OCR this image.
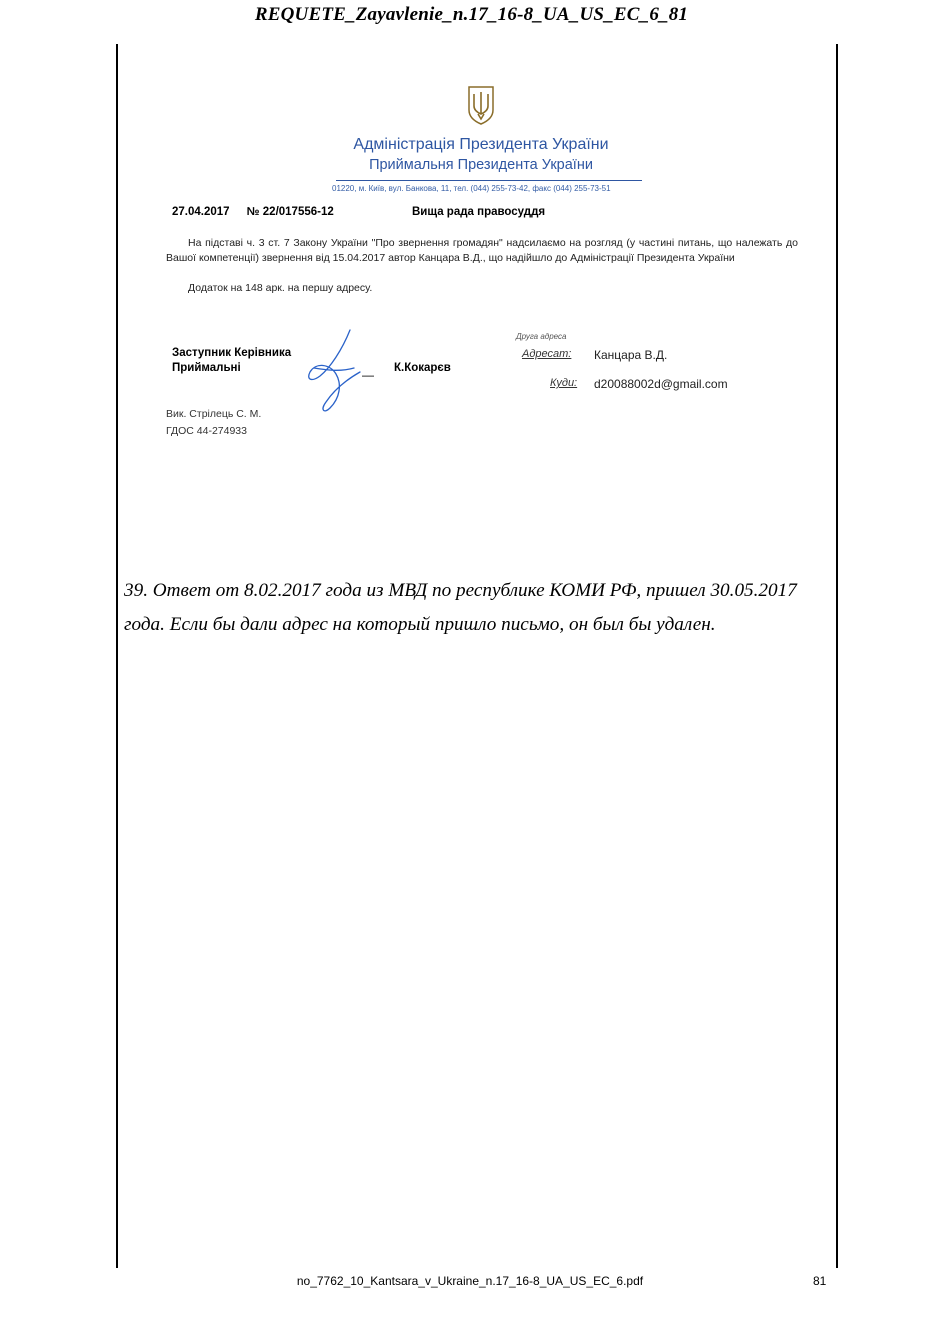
REQUETE_Zayavlenie_n.17_16-8_UA_US_EC_6_81
Адміністрація Президента України
Приймальня Президента України
01220, м. Київ, вул. Банкова, 11, тел. (044) 255-73-42, факс (044) 255-73-51
27.04.2017 № 22/017556-12	Вища рада правосуддя
На підставі ч. 3 ст. 7 Закону України "Про звернення громадян" надсилаємо на розгляд (у частині питань, що належать до Вашої компетенції) звернення від 15.04.2017 автор Канцара В.Д., що надійшло до Адміністрації Президента України
Додаток на 148 арк. на першу адресу.
Заступник Керівника
Приймальні	— К.Кокарєв
Вик. Стрілець С. М.
ГДОС 44-274933
Друга адреса
Адресат: Канцара В.Д.
Куди: d20088002d@gmail.com
39. Ответ от 8.02.2017 года из МВД по республике КОМИ РФ, пришел 30.05.2017 года. Если бы дали адрес на который пришло письмо, он был бы удален.
no_7762_10_Kantsara_v_Ukraine_n.17_16-8_UA_US_EC_6.pdf	81
